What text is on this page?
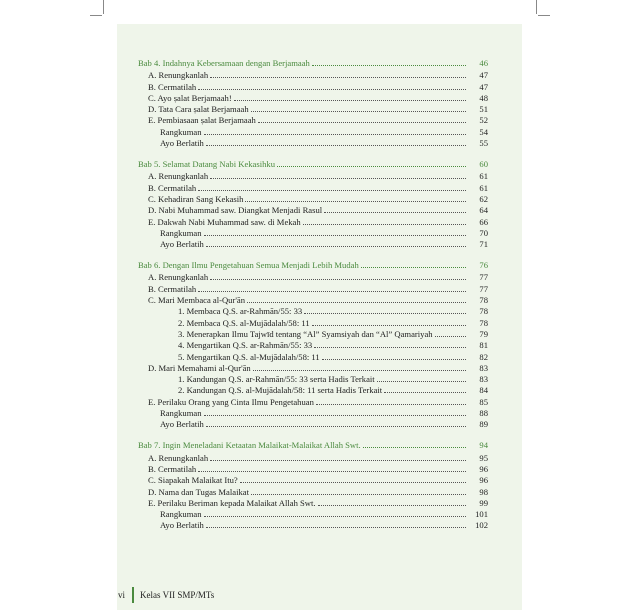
Bab 4. Indahnya Kebersamaan dengan Berjamaah	46
A. Renungkanlah	47
B. Cermatilah	47
C. Ayo ṣalat Berjamaah!	48
D. Tata Cara ṣalat Berjamaah	51
E. Pembiasaan ṣalat Berjamaah	52
Rangkuman	54
Ayo Berlatih	55
Bab 5. Selamat Datang Nabi Kekasihku	60
A. Renungkanlah	61
B. Cermatilah	61
C. Kehadiran Sang Kekasih	62
D. Nabi Muhammad saw. Diangkat Menjadi Rasul	64
E. Dakwah Nabi Muhammad saw. di Mekah	66
Rangkuman	70
Ayo Berlatih	71
Bab 6. Dengan Ilmu Pengetahuan Semua Menjadi Lebih Mudah	76
A. Renungkanlah	77
B. Cermatilah	77
C. Mari Membaca al-Qur'ān	78
1. Membaca Q.S. ar-Rahmān/55: 33	78
2. Membaca Q.S. al-Mujādalah/58: 11	78
3. Menerapkan Ilmu Tajwīd tentang “Al” Syamsiyah dan “Al” Qamariyah	79
4. Mengartikan Q.S. ar-Rahmān/55: 33	81
5. Mengartikan Q.S. al-Mujādalah/58: 11	82
D. Mari Memahami al-Qur'ān	83
1. Kandungan Q.S. ar-Rahmān/55: 33 serta Hadis Terkait	83
2. Kandungan Q.S. al-Mujādalah/58: 11 serta Hadis Terkait	84
E. Perilaku Orang yang Cinta Ilmu Pengetahuan	85
Rangkuman	88
Ayo Berlatih	89
Bab 7. Ingin Meneladani Ketaatan Malaikat-Malaikat Allah Swt.	94
A. Renungkanlah	95
B. Cermatilah	96
C. Siapakah Malaikat Itu?	96
D. Nama dan Tugas Malaikat	98
E. Perilaku Beriman kepada Malaikat Allah Swt.	99
Rangkuman	101
Ayo Berlatih	102
vi Kelas VII SMP/MTs
